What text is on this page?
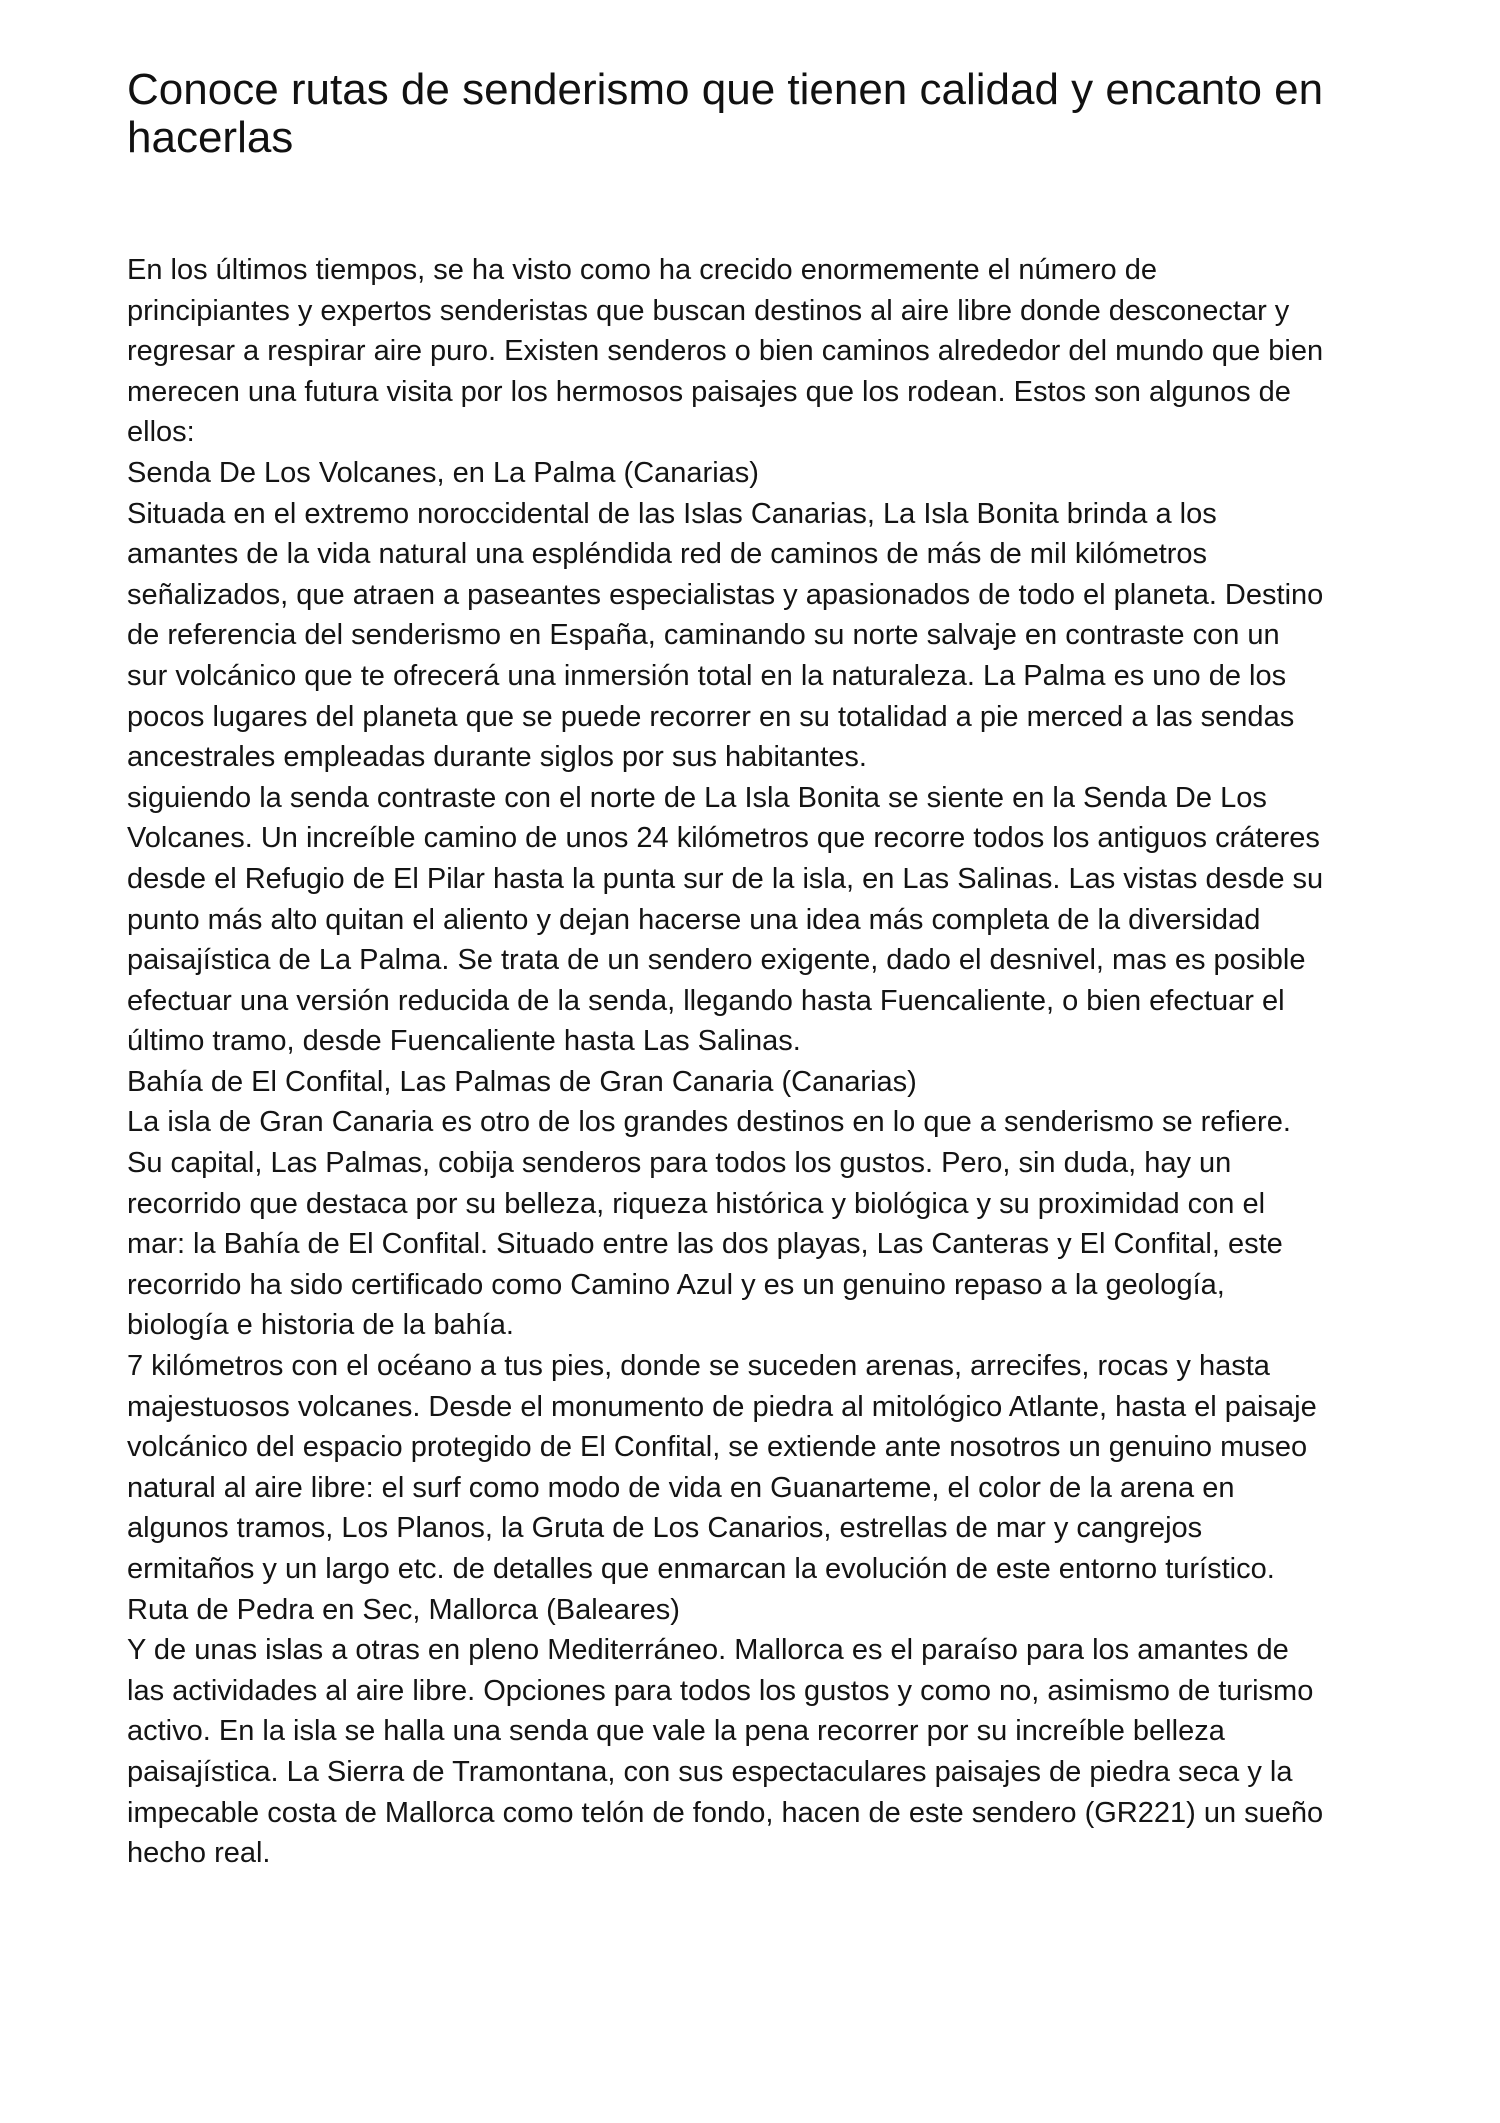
Conoce rutas de senderismo que tienen calidad y encanto en
hacerlas

En los últimos tiempos, se ha visto como ha crecido enormemente el número de

principiantes y expertos senderistas que buscan destinos al aire libre donde desconectar y

regresar a respirar aire puro. Existen senderos o bien caminos alrededor del mundo que bien

merecen una futura visita por los hermosos paisajes que los rodean. Estos son algunos de

ellos:

Senda De Los Volcanes, en La Palma (Canarias)

Situada en el extremo noroccidental de las Islas Canarias, La Isla Bonita brinda a los

amantes de la vida natural una espléndida red de caminos de más de mil kilómetros

señalizados, que atraen a paseantes especialistas y apasionados de todo el planeta. Destino

de referencia del senderismo en España, caminando su norte salvaje en contraste con un

sur volcánico que te ofrecerá una inmersión total en la naturaleza. La Palma es uno de los

pocos lugares del planeta que se puede recorrer en su totalidad a pie merced a las sendas

ancestrales empleadas durante siglos por sus habitantes.

siguiendo la senda contraste con el norte de La Isla Bonita se siente en la Senda De Los

Volcanes. Un increíble camino de unos 24 kilómetros que recorre todos los antiguos cráteres

desde el Refugio de El Pilar hasta la punta sur de la isla, en Las Salinas. Las vistas desde su

punto más alto quitan el aliento y dejan hacerse una idea más completa de la diversidad

paisajística de La Palma. Se trata de un sendero exigente, dado el desnivel, mas es posible

efectuar una versión reducida de la senda, llegando hasta Fuencaliente, o bien efectuar el

último tramo, desde Fuencaliente hasta Las Salinas.

Bahía de El Confital, Las Palmas de Gran Canaria (Canarias)

La isla de Gran Canaria es otro de los grandes destinos en lo que a senderismo se refiere.

Su capital, Las Palmas, cobija senderos para todos los gustos. Pero, sin duda, hay un

recorrido que destaca por su belleza, riqueza histórica y biológica y su proximidad con el

mar: la Bahía de El Confital. Situado entre las dos playas, Las Canteras y El Confital, este

recorrido ha sido certificado como Camino Azul y es un genuino repaso a la geología,

biología e historia de la bahía.

7 kilómetros con el océano a tus pies, donde se suceden arenas, arrecifes, rocas y hasta

majestuosos volcanes. Desde el monumento de piedra al mitológico Atlante, hasta el paisaje

volcánico del espacio protegido de El Confital, se extiende ante nosotros un genuino museo

natural al aire libre: el surf como modo de vida en Guanarteme, el color de la arena en

algunos tramos, Los Planos, la Gruta de Los Canarios, estrellas de mar y cangrejos

ermitaños y un largo etc. de detalles que enmarcan la evolución de este entorno turístico.

Ruta de Pedra en Sec, Mallorca (Baleares)

Y de unas islas a otras en pleno Mediterráneo. Mallorca es el paraíso para los amantes de

las actividades al aire libre. Opciones para todos los gustos y como no, asimismo de turismo

activo. En la isla se halla una senda que vale la pena recorrer por su increíble belleza

paisajística. La Sierra de Tramontana, con sus espectaculares paisajes de piedra seca y la

impecable costa de Mallorca como telón de fondo, hacen de este sendero (GR221) un sueño

hecho real.
